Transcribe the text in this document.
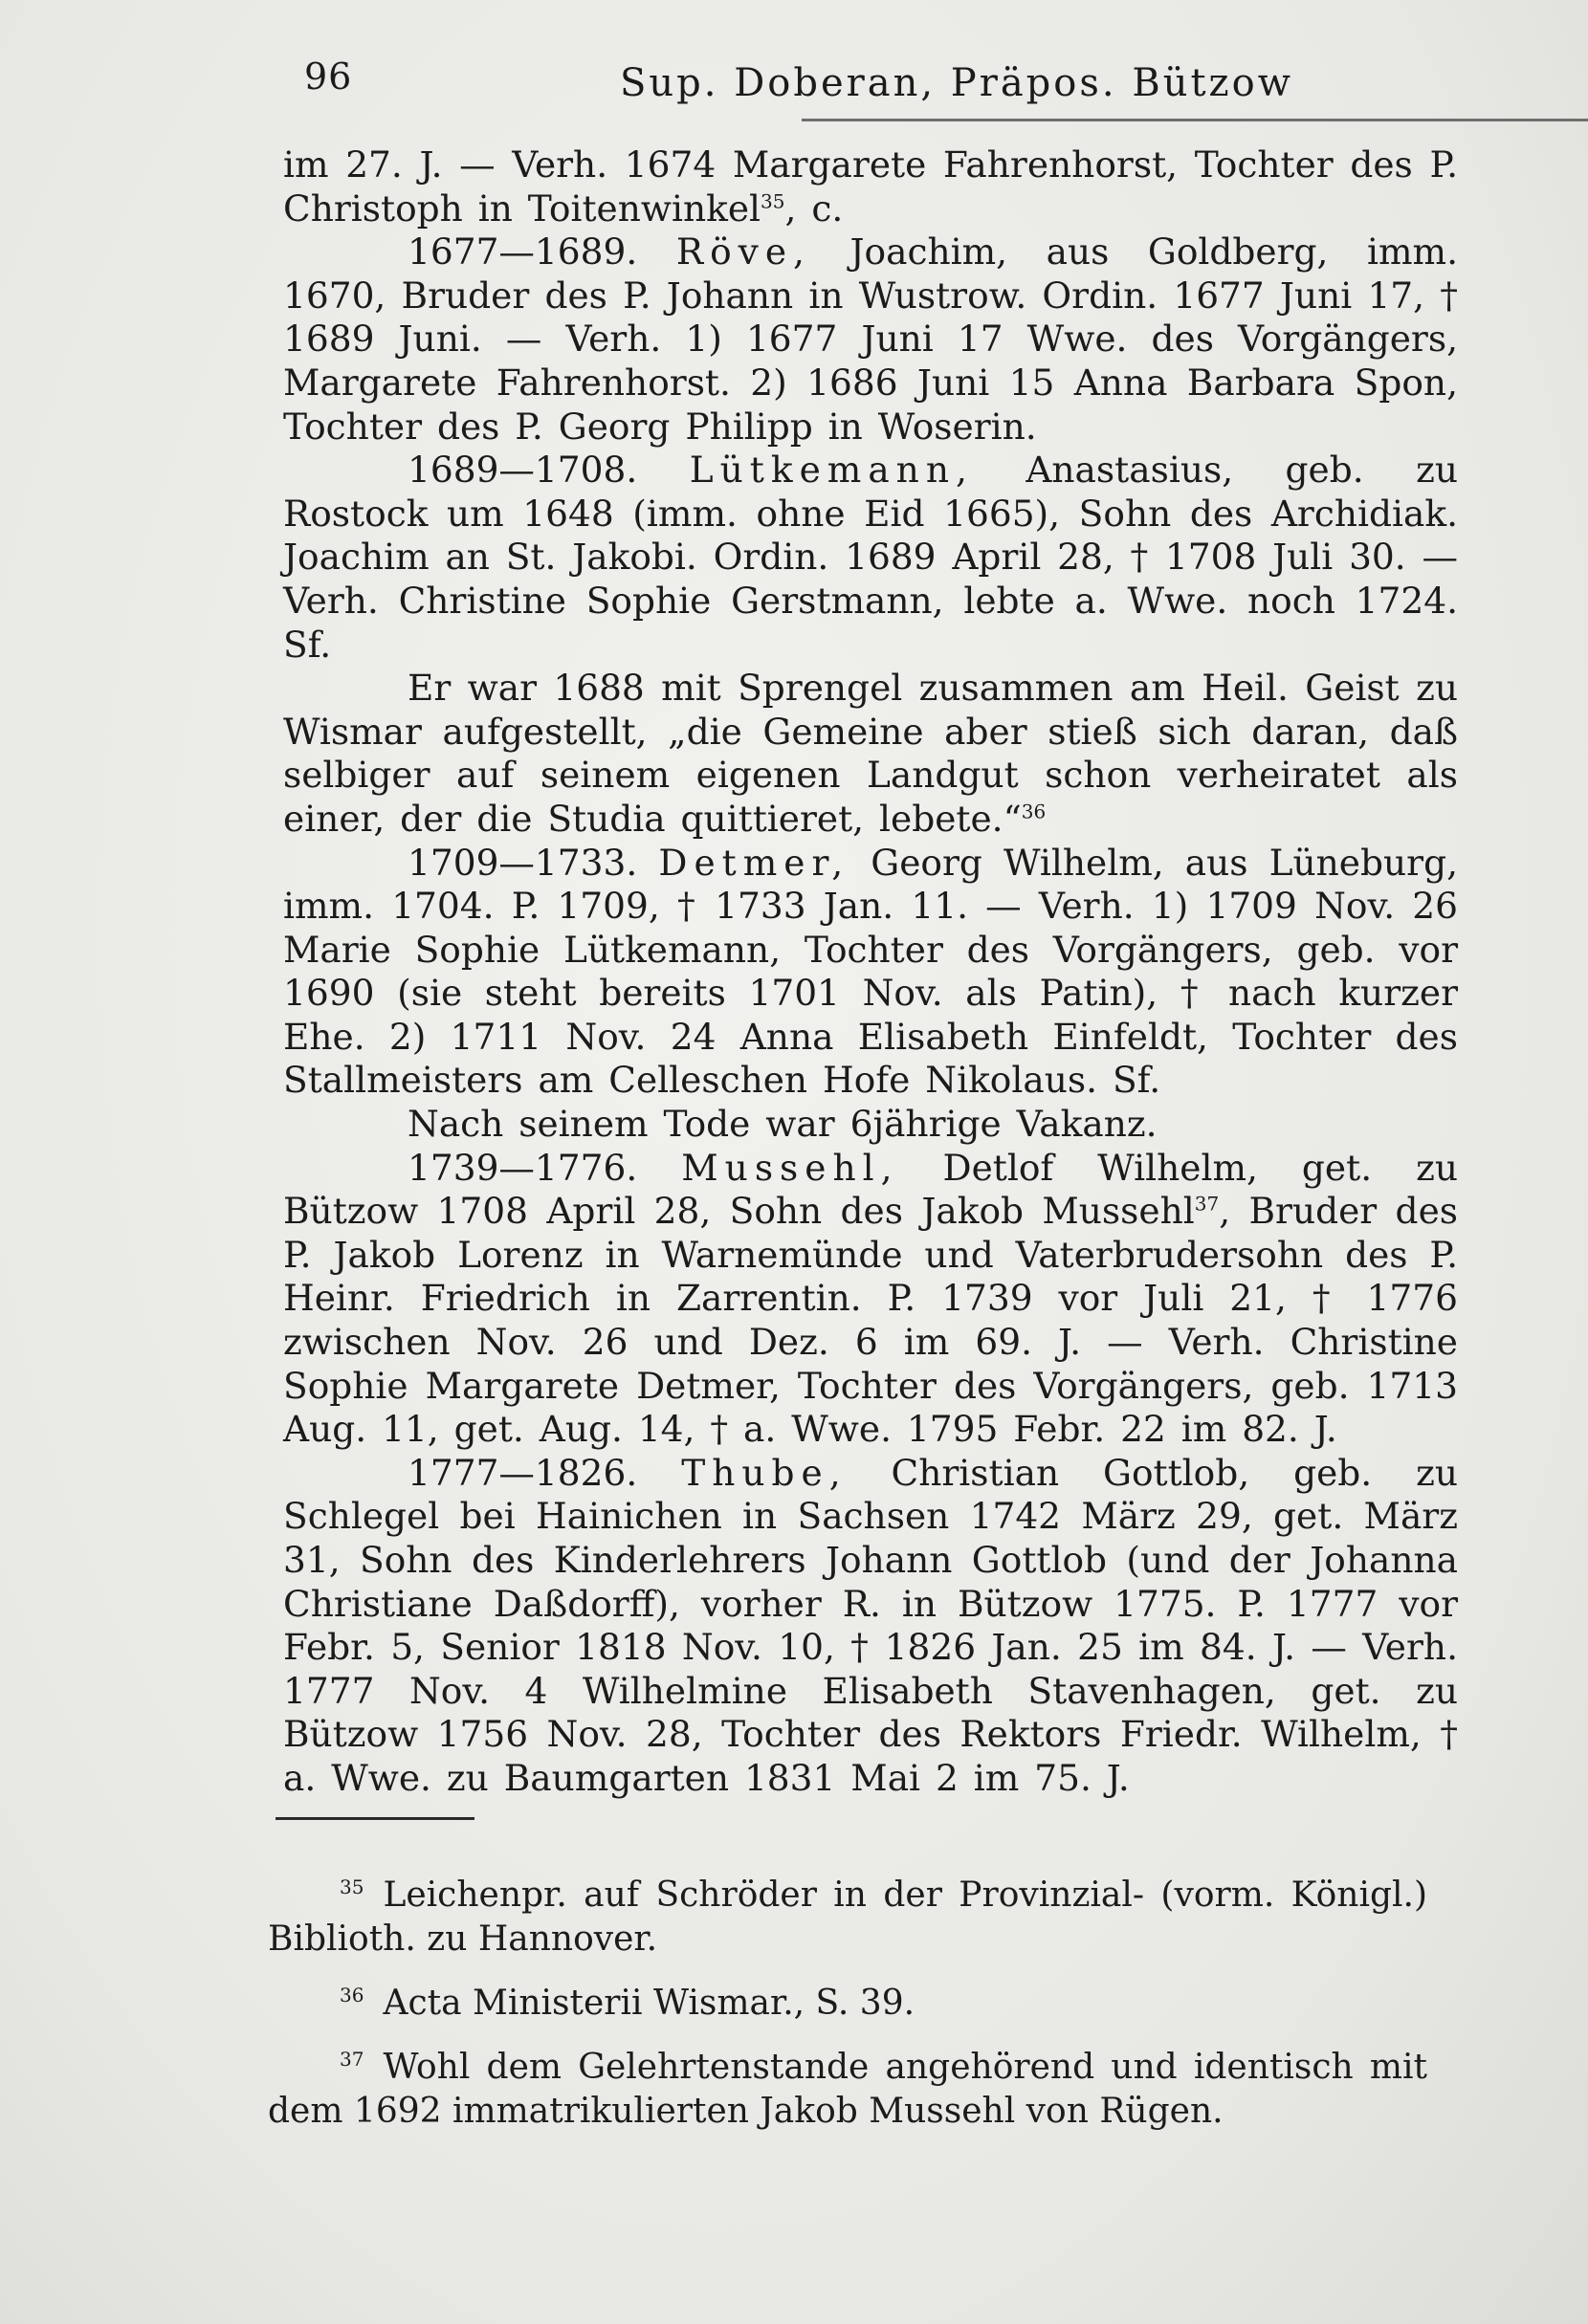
96	Sup. Doberan, Präpos. Bützow

im 27. J. — Verh. 1674 Margarete Fahrenhorst, Tochter des P. Christoph in Toitenwinkel$^{35}$, c.

1677—1689. Röve, Joachim, aus Goldberg, imm. 1670, Bruder des P. Johann in Wustrow. Ordin. 1677 Juni 17, † 1689 Juni. — Verh. 1) 1677 Juni 17 Wwe. des Vorgängers, Margarete Fahrenhorst. 2) 1686 Juni 15 Anna Barbara Spon, Tochter des P. Georg Philipp in Woserin.

1689—1708. Lütkemann, Anastasius, geb. zu Rostock um 1648 (imm. ohne Eid 1665), Sohn des Archidiak. Joachim an St. Jakobi. Ordin. 1689 April 28, † 1708 Juli 30. — Verh. Christine Sophie Gerstmann, lebte a. Wwe. noch 1724. Sf.

Er war 1688 mit Sprengel zusammen am Heil. Geist zu Wismar aufgestellt, „die Gemeine aber stieß sich daran, daß selbiger auf seinem eigenen Landgut schon verheiratet als einer, der die Studia quittieret, lebete.“$^{36}$

1709—1733. Detmer, Georg Wilhelm, aus Lüneburg, imm. 1704. P. 1709, † 1733 Jan. 11. — Verh. 1) 1709 Nov. 26 Marie Sophie Lütkemann, Tochter des Vorgängers, geb. vor 1690 (sie steht bereits 1701 Nov. als Patin), † nach kurzer Ehe. 2) 1711 Nov. 24 Anna Elisabeth Einfeldt, Tochter des Stallmeisters am Celleschen Hofe Nikolaus. Sf.

Nach seinem Tode war 6jährige Vakanz.

1739—1776. Mussehl, Detlof Wilhelm, get. zu Bützow 1708 April 28, Sohn des Jakob Mussehl$^{37}$, Bruder des P. Jakob Lorenz in Warnemünde und Vaterbrudersohn des P. Heinr. Friedrich in Zarrentin. P. 1739 vor Juli 21, † 1776 zwischen Nov. 26 und Dez. 6 im 69. J. — Verh. Christine Sophie Margarete Detmer, Tochter des Vorgängers, geb. 1713 Aug. 11, get. Aug. 14, † a. Wwe. 1795 Febr. 22 im 82. J.

1777—1826. Thube, Christian Gottlob, geb. zu Schlegel bei Hainichen in Sachsen 1742 März 29, get. März 31, Sohn des Kinderlehrers Johann Gottlob (und der Johanna Christiane Daßdorff), vorher R. in Bützow 1775. P. 1777 vor Febr. 5, Senior 1818 Nov. 10, † 1826 Jan. 25 im 84. J. — Verh. 1777 Nov. 4 Wilhelmine Elisabeth Stavenhagen, get. zu Bützow 1756 Nov. 28, Tochter des Rektors Friedr. Wilhelm, † a. Wwe. zu Baumgarten 1831 Mai 2 im 75. J.

$^{35}$ Leichenpr. auf Schröder in der Provinzial- (vorm. Königl.) Biblioth. zu Hannover.

$^{36}$ Acta Ministerii Wismar., S. 39.

$^{37}$ Wohl dem Gelehrtenstande angehörend und identisch mit dem 1692 immatrikulierten Jakob Mussehl von Rügen.
